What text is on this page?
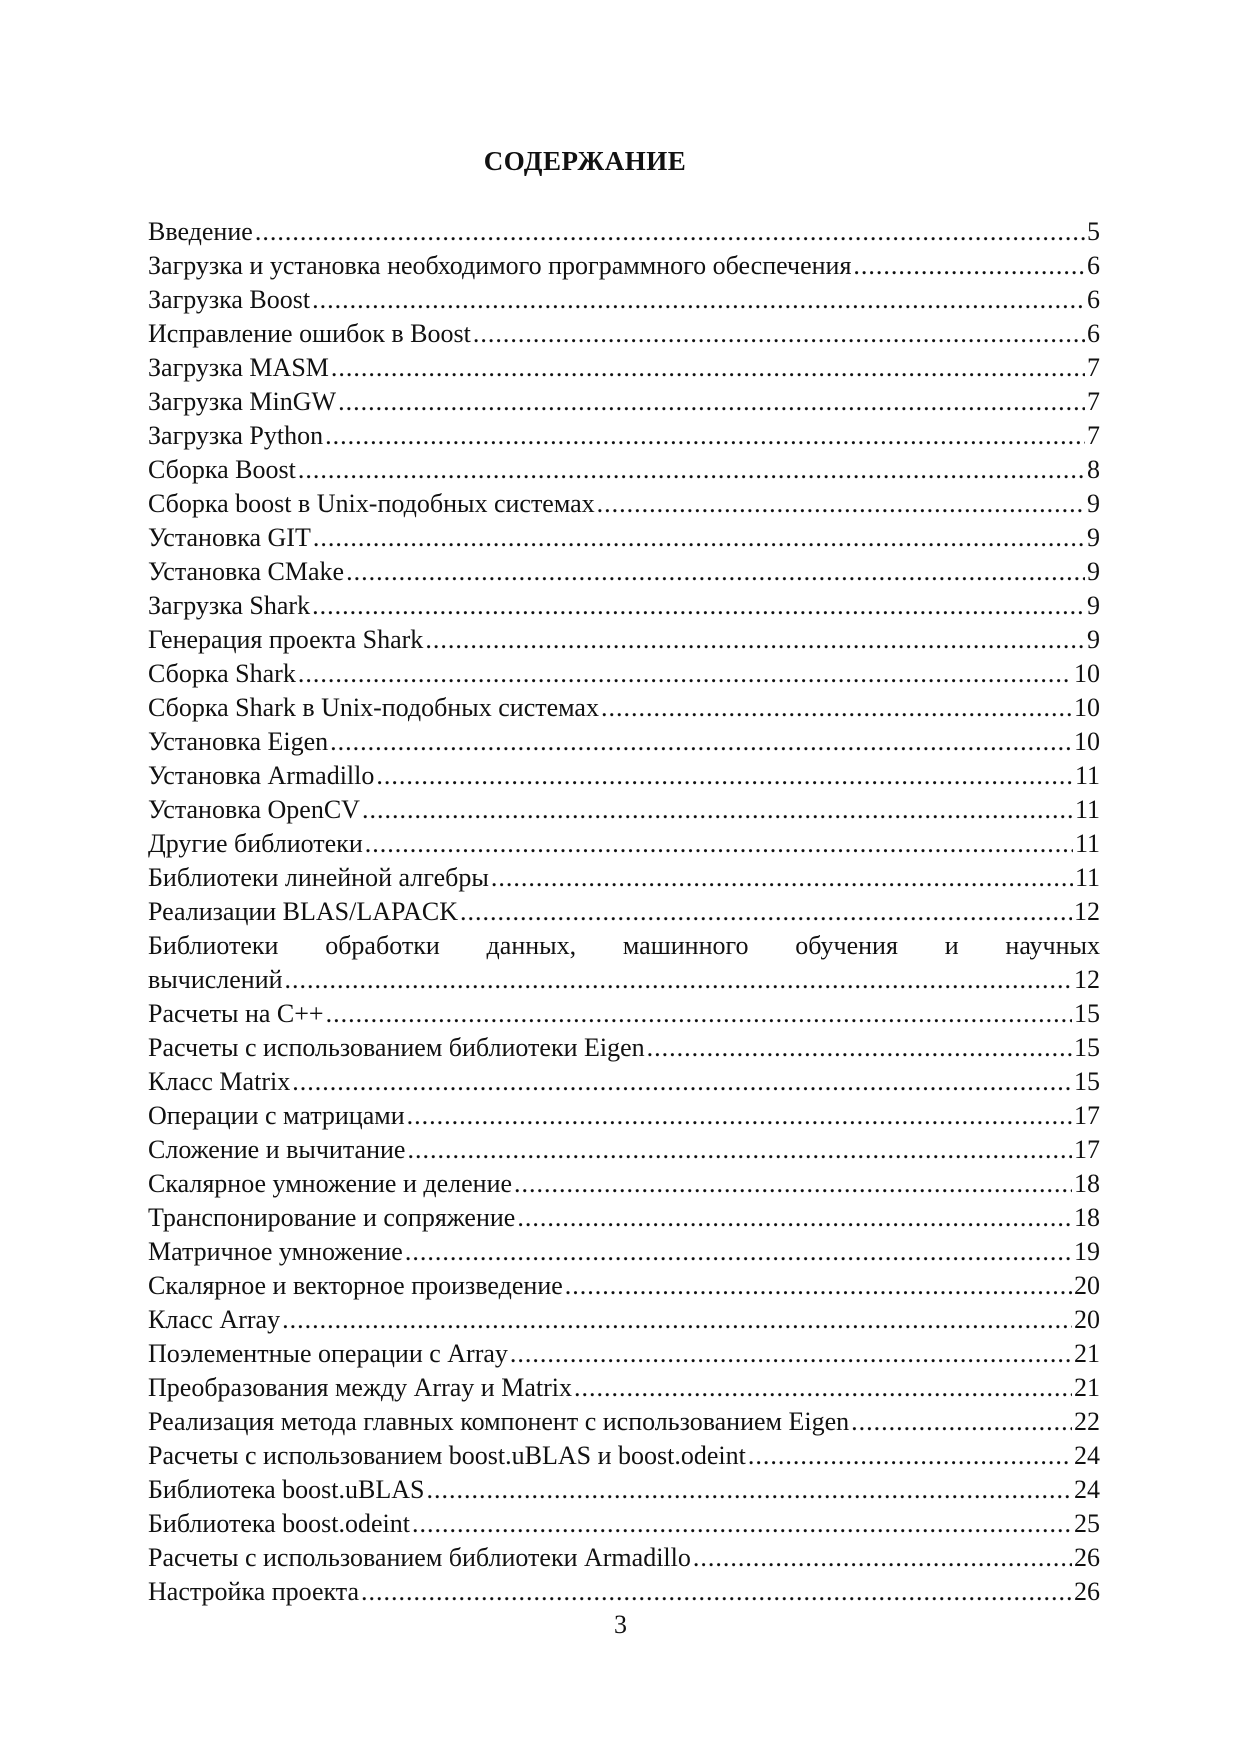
СОДЕРЖАНИЕ
Введение .....	5
Загрузка и установка необходимого программного обеспечения .....	6
Загрузка Boost .....	6
Исправление ошибок в Boost .....	6
Загрузка MASM .....	7
Загрузка MinGW .....	7
Загрузка Python .....	7
Сборка Boost .....	8
Сборка boost в Unix-подобных системах .....	9
Установка GIT .....	9
Установка CMake .....	9
Загрузка Shark .....	9
Генерация проекта Shark .....	9
Сборка Shark .....	10
Сборка Shark в Unix-подобных системах .....	10
Установка Eigen .....	10
Установка Armadillo .....	11
Установка OpenCV .....	11
Другие библиотеки .....	11
Библиотеки линейной алгебры .....	11
Реализации BLAS/LAPACK .....	12
Библиотеки обработки данных, машинного обучения и научных
вычислений .....	12
Расчеты на C++ .....	15
Расчеты с использованием библиотеки Eigen .....	15
Класс Matrix .....	15
Операции с матрицами .....	17
Сложение и вычитание .....	17
Скалярное умножение и деление .....	18
Транспонирование и сопряжение .....	18
Матричное умножение .....	19
Скалярное и векторное произведение .....	20
Класс Array .....	20
Поэлементные операции с Array .....	21
Преобразования между Array и Matrix .....	21
Реализация метода главных компонент с использованием Eigen .....	22
Расчеты с использованием boost.uBLAS и boost.odeint .....	24
Библиотека boost.uBLAS .....	24
Библиотека boost.odeint .....	25
Расчеты с использованием библиотеки Armadillo .....	26
Настройка проекта .....	26
3
